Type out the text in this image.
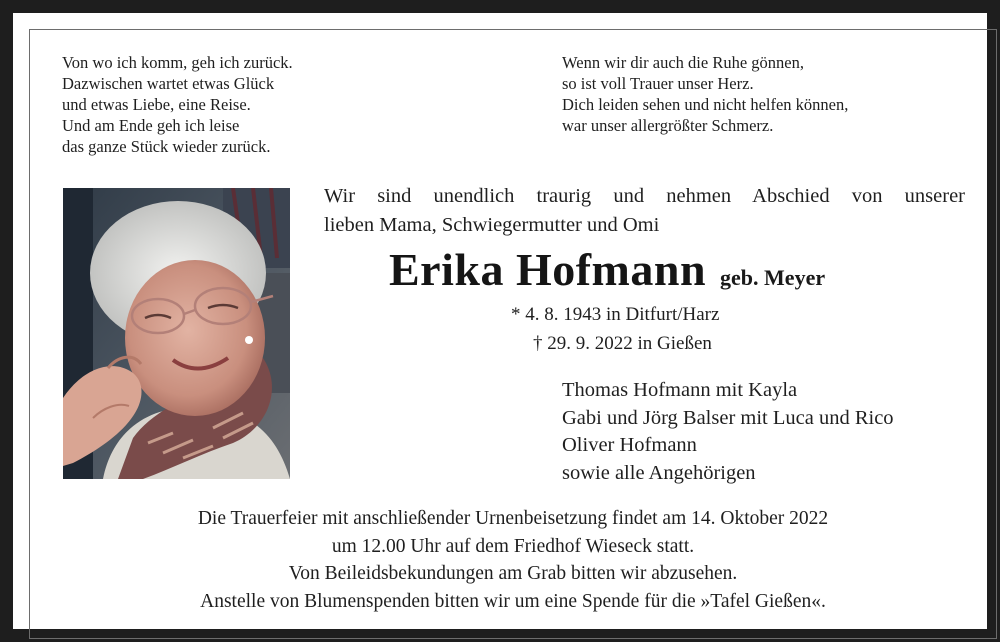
Von wo ich komm, geh ich zurück.
Dazwischen wartet etwas Glück
und etwas Liebe, eine Reise.
Und am Ende geh ich leise
das ganze Stück wieder zurück.
Wenn wir dir auch die Ruhe gönnen,
so ist voll Trauer unser Herz.
Dich leiden sehen und nicht helfen können,
war unser allergrößter Schmerz.
Wir sind unendlich traurig und nehmen Abschied von unserer
lieben Mama, Schwiegermutter und Omi
Erika Hofmann geb. Meyer
* 4. 8. 1943 in Ditfurt/Harz
† 29. 9. 2022 in Gießen
Thomas Hofmann mit Kayla
Gabi und Jörg Balser mit Luca und Rico
Oliver Hofmann
sowie alle Angehörigen
Die Trauerfeier mit anschließender Urnenbeisetzung findet am 14. Oktober 2022
um 12.00 Uhr auf dem Friedhof Wieseck statt.
Von Beileidsbekundungen am Grab bitten wir abzusehen.
Anstelle von Blumenspenden bitten wir um eine Spende für die »Tafel Gießen«.
